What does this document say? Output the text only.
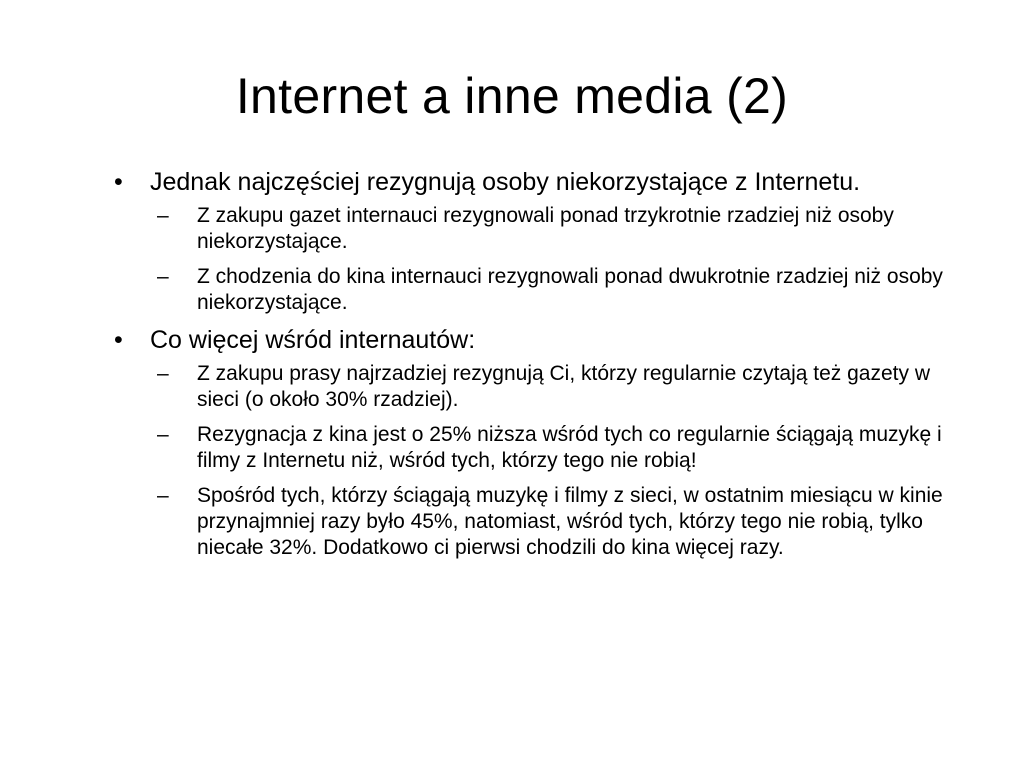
Internet a inne media (2)
• Jednak najczęściej rezygnują osoby niekorzystające z Internetu.
– Z zakupu gazet internauci rezygnowali ponad trzykrotnie rzadziej niż osoby niekorzystające.
– Z chodzenia do kina internauci rezygnowali ponad dwukrotnie rzadziej niż osoby niekorzystające.
• Co więcej wśród internautów:
– Z zakupu prasy najrzadziej rezygnują Ci, którzy regularnie czytają też gazety w sieci (o około 30% rzadziej).
– Rezygnacja z kina jest o 25% niższa wśród tych co regularnie ściągają muzykę i filmy z Internetu niż, wśród tych, którzy tego nie robią!
– Spośród tych, którzy ściągają muzykę i filmy z sieci, w ostatnim miesiącu w kinie przynajmniej razy było 45%, natomiast, wśród tych, którzy tego nie robią, tylko niecałe 32%. Dodatkowo ci pierwsi chodzili do kina więcej razy.
